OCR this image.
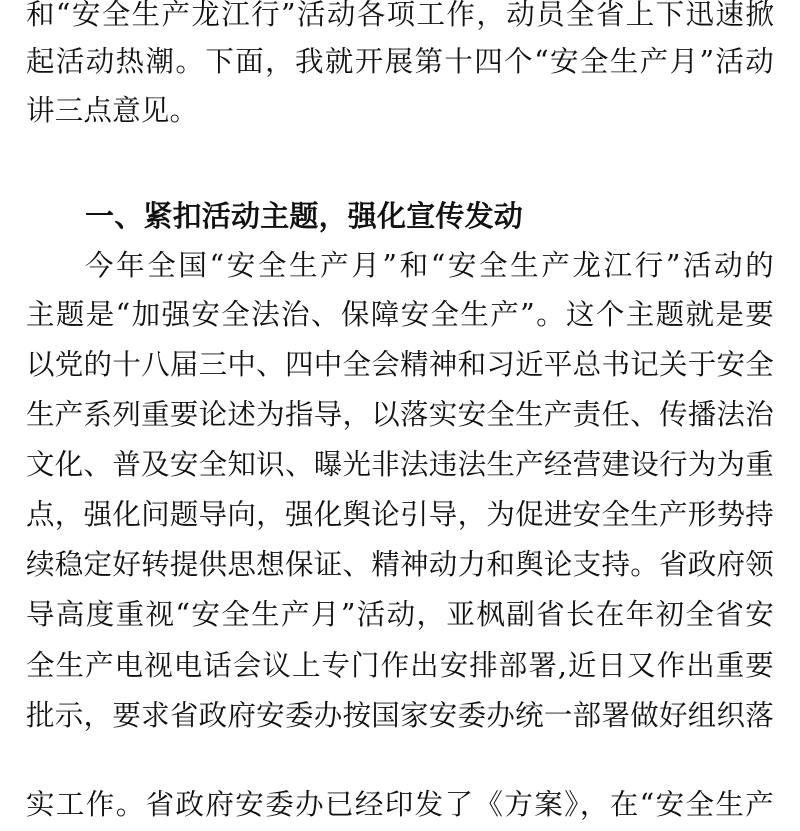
和“安全生产龙江行”活动各项工作，动员全省上下迅速掀
起活动热潮。下面，我就开展第十四个“安全生产月”活动
讲三点意见。
一、紧扣活动主题，强化宣传发动
今年全国“安全生产月”和“安全生产龙江行”活动的
主题是“加强安全法治、保障安全生产”。这个主题就是要
以党的十八届三中、四中全会精神和习近平总书记关于安全
生产系列重要论述为指导，以落实安全生产责任、传播法治
文化、普及安全知识、曝光非法违法生产经营建设行为为重
点，强化问题导向，强化舆论引导，为促进安全生产形势持
续稳定好转提供思想保证、精神动力和舆论支持。省政府领
导高度重视“安全生产月”活动，亚枫副省长在年初全省安
全生产电视电话会议上专门作出安排部署,近日又作出重要
批示，要求省政府安委办按国家安委办统一部署做好组织落
实工作。省政府安委办已经印发了《方案》，在“安全生产
